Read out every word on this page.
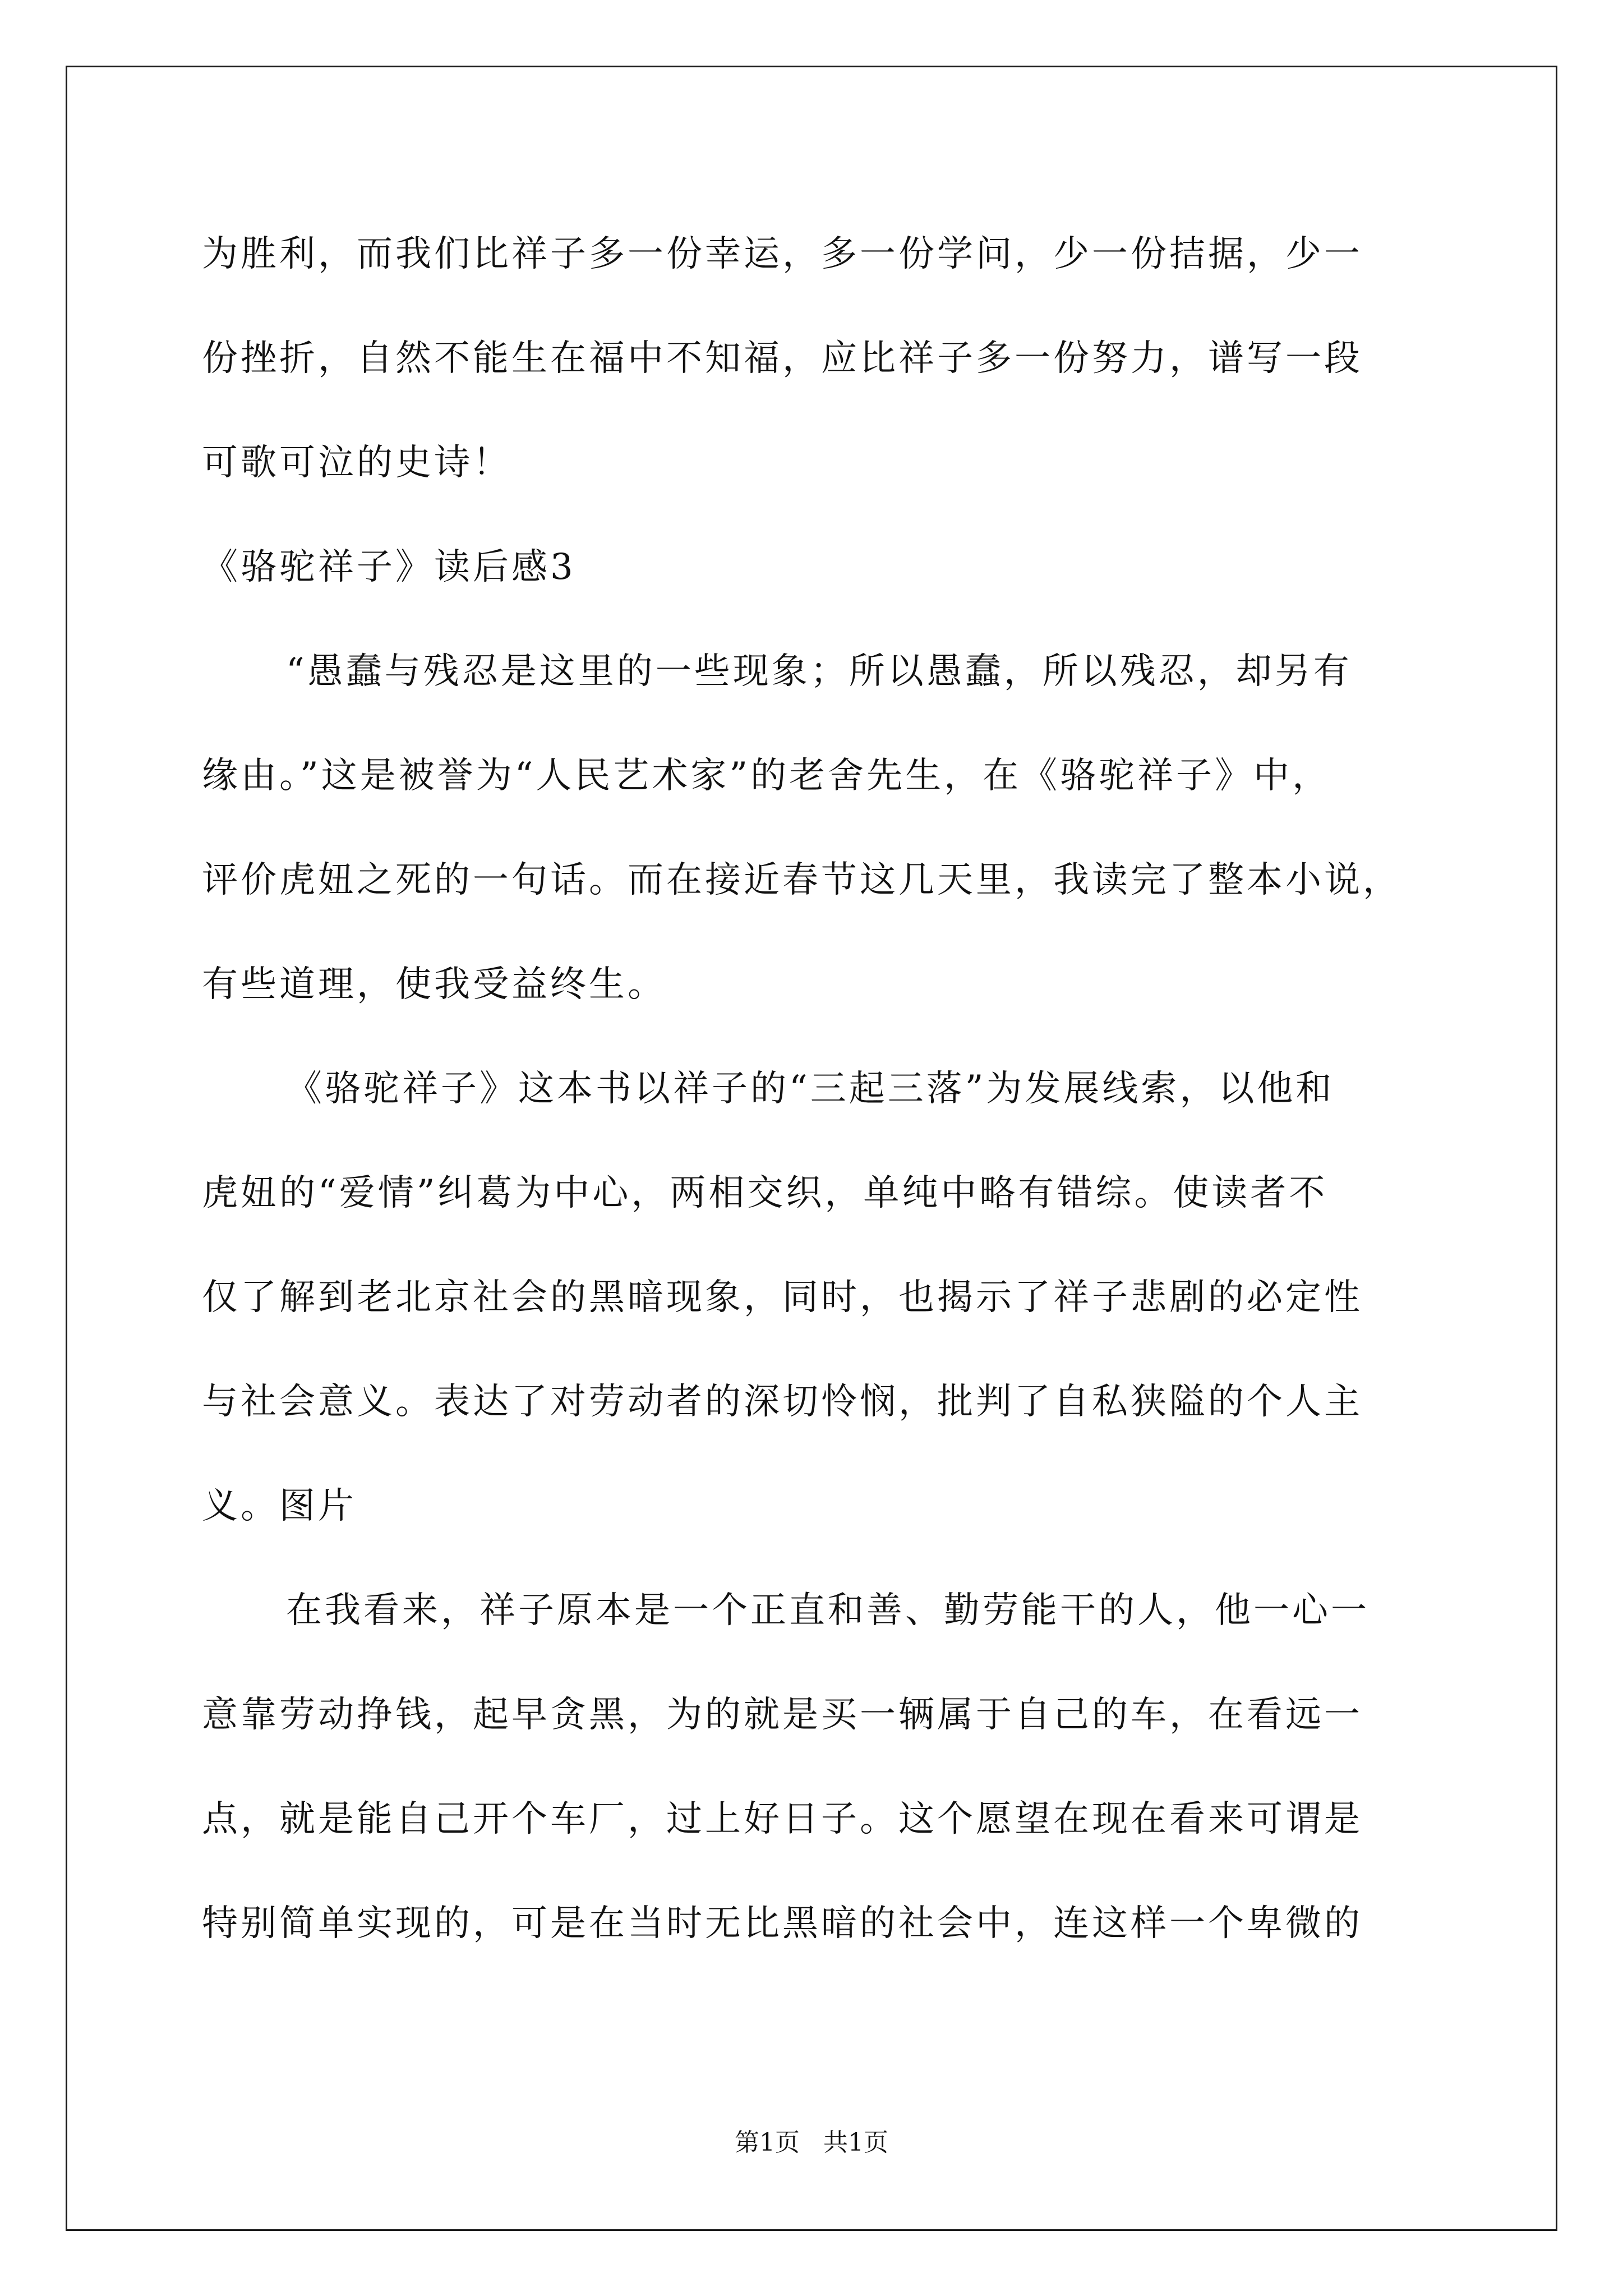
为胜利，而我们比祥子多一份幸运，多一份学问，少一份拮据，少一
份挫折，自然不能生在福中不知福，应比祥子多一份努力，谱写一段
可歌可泣的史诗！
《骆驼祥子》读后感3
“愚蠢与残忍是这里的一些现象；所以愚蠢，所以残忍，却另有
缘由。”这是被誉为“人民艺术家”的老舍先生，在《骆驼祥子》中，
评价虎妞之死的一句话。而在接近春节这几天里，我读完了整本小说，
有些道理，使我受益终生。
《骆驼祥子》这本书以祥子的“三起三落”为发展线索，以他和
虎妞的“爱情”纠葛为中心，两相交织，单纯中略有错综。使读者不
仅了解到老北京社会的黑暗现象，同时，也揭示了祥子悲剧的必定性
与社会意义。表达了对劳动者的深切怜悯，批判了自私狭隘的个人主
义。图片
在我看来，祥子原本是一个正直和善、勤劳能干的人，他一心一
意靠劳动挣钱，起早贪黑，为的就是买一辆属于自己的车，在看远一
点，就是能自己开个车厂，过上好日子。这个愿望在现在看来可谓是
特别简单实现的，可是在当时无比黑暗的社会中，连这样一个卑微的
第1页   共1页
